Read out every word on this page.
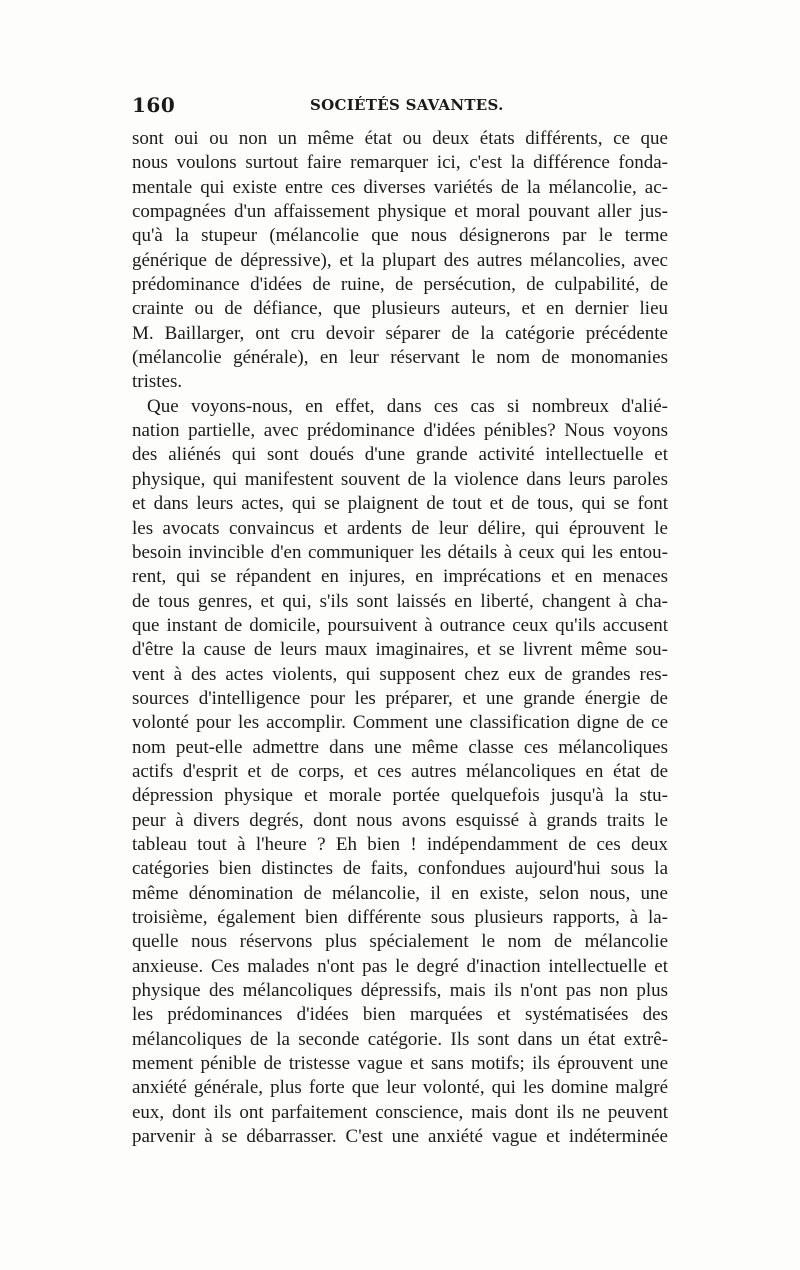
160	SOCIÉTÉS SAVANTES.
sont oui ou non un même état ou deux états différents, ce que
nous voulons surtout faire remarquer ici, c'est la différence fonda-
mentale qui existe entre ces diverses variétés de la mélancolie, ac-
compagnées d'un affaissement physique et moral pouvant aller jus-
qu'à la stupeur (mélancolie que nous désignerons par le terme
générique de dépressive), et la plupart des autres mélancolies, avec
prédominance d'idées de ruine, de persécution, de culpabilité, de
crainte ou de défiance, que plusieurs auteurs, et en dernier lieu
M. Baillarger, ont cru devoir séparer de la catégorie précédente
(mélancolie générale), en leur réservant le nom de monomanies
tristes.
Que voyons-nous, en effet, dans ces cas si nombreux d'alié-
nation partielle, avec prédominance d'idées pénibles? Nous voyons
des aliénés qui sont doués d'une grande activité intellectuelle et
physique, qui manifestent souvent de la violence dans leurs paroles
et dans leurs actes, qui se plaignent de tout et de tous, qui se font
les avocats convaincus et ardents de leur délire, qui éprouvent le
besoin invincible d'en communiquer les détails à ceux qui les entou-
rent, qui se répandent en injures, en imprécations et en menaces
de tous genres, et qui, s'ils sont laissés en liberté, changent à cha-
que instant de domicile, poursuivent à outrance ceux qu'ils accusent
d'être la cause de leurs maux imaginaires, et se livrent même sou-
vent à des actes violents, qui supposent chez eux de grandes res-
sources d'intelligence pour les préparer, et une grande énergie de
volonté pour les accomplir. Comment une classification digne de ce
nom peut-elle admettre dans une même classe ces mélancoliques
actifs d'esprit et de corps, et ces autres mélancoliques en état de
dépression physique et morale portée quelquefois jusqu'à la stu-
peur à divers degrés, dont nous avons esquissé à grands traits le
tableau tout à l'heure ? Eh bien ! indépendamment de ces deux
catégories bien distinctes de faits, confondues aujourd'hui sous la
même dénomination de mélancolie, il en existe, selon nous, une
troisième, également bien différente sous plusieurs rapports, à la-
quelle nous réservons plus spécialement le nom de mélancolie
anxieuse. Ces malades n'ont pas le degré d'inaction intellectuelle et
physique des mélancoliques dépressifs, mais ils n'ont pas non plus
les prédominances d'idées bien marquées et systématisées des
mélancoliques de la seconde catégorie. Ils sont dans un état extrê-
mement pénible de tristesse vague et sans motifs; ils éprouvent une
anxiété générale, plus forte que leur volonté, qui les domine malgré
eux, dont ils ont parfaitement conscience, mais dont ils ne peuvent
parvenir à se débarrasser. C'est une anxiété vague et indéterminée
